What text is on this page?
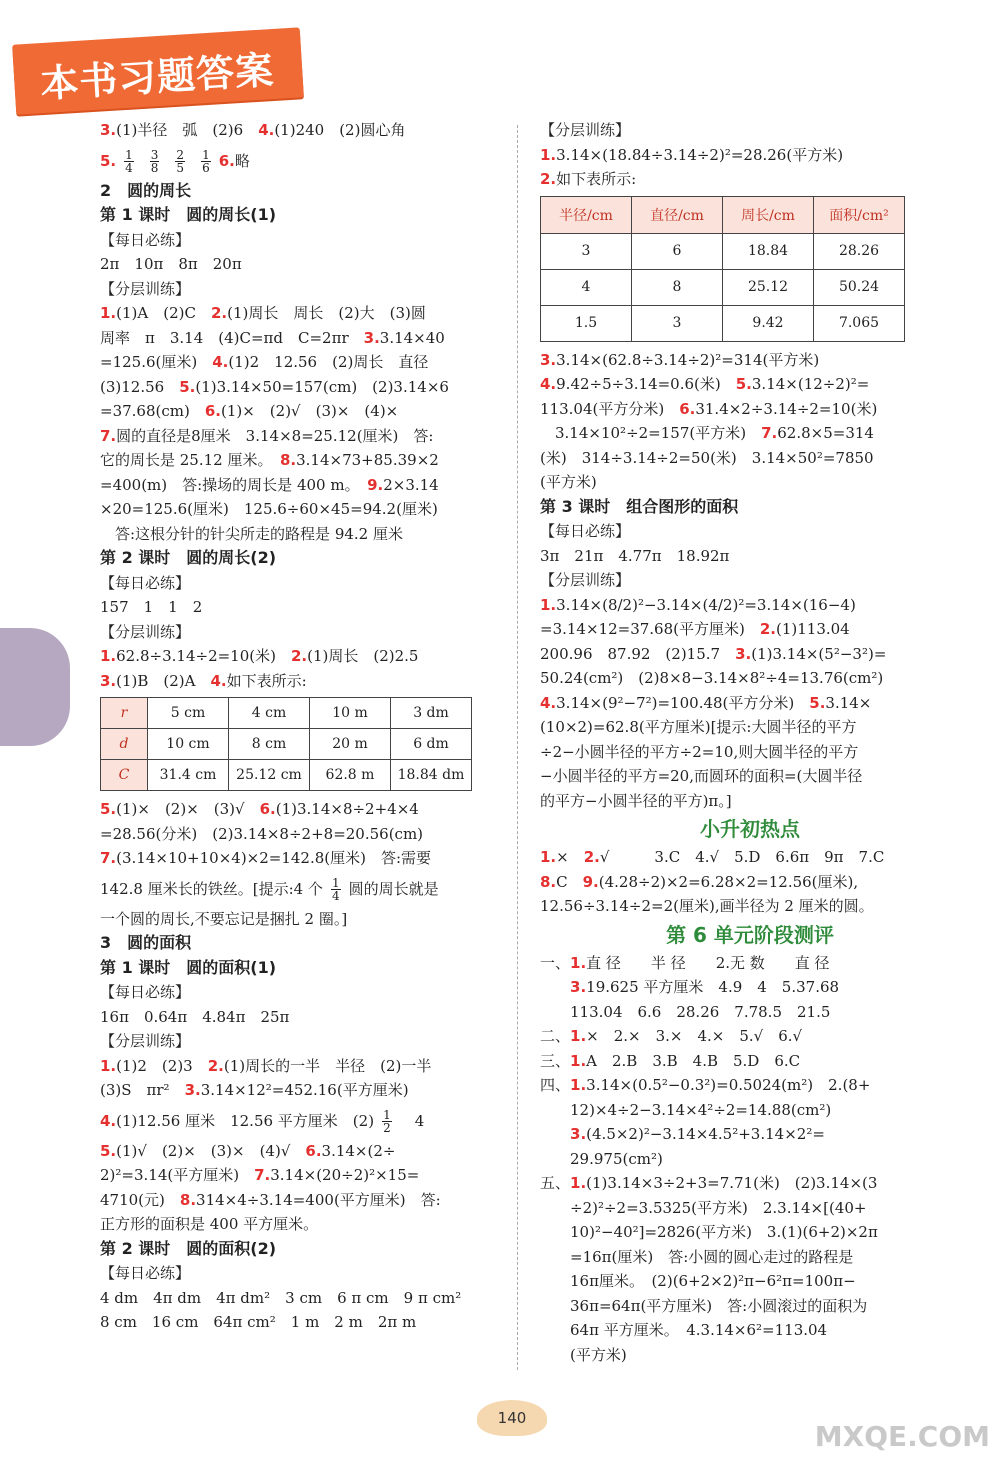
本书习题答案
3.(1)半径　弧　(2)6　4.(1)240　(2)圆心角
5. $\frac{1}{4} \frac{3}{8} \frac{2}{5} \frac{1}{6} 6$.略
2　圆的周长
第 1 课时　圆的周长(1)
【每日必练】
2π　10π　8π　20π
【分层训练】
1.(1)A　(2)C　2.(1)周长　周长　(2)大　(3)圆
周率　π　3.14　(4)C=πd　C=2πr　3.3.14×40
=125.6(厘米)　4.(1)2　12.56　(2)周长　直径
(3)12.56　5.(1)3.14×50=157(cm)　(2)3.14×6
=37.68(cm)　6.(1)×　(2)√　(3)×　(4)×
7.圆的直径是8厘米　3.14×8=25.12(厘米)　答:
它的周长是 25.12 厘米。　8.3.14×73+85.39×2
=400(m)　答:操场的周长是 400 m。　9.2×3.14
×20=125.6(厘米)　125.6÷60×45=94.2(厘米)
　答:这根分针的针尖所走的路程是 94.2 厘米
第 2 课时　圆的周长(2)
【每日必练】
157　1　1　2
【分层训练】
1.62.8÷3.14÷2=10(米)　2.(1)周长　(2)2.5
3.(1)B　(2)A　4.如下表所示:
r	5 cm	4 cm	10 m	3 dm
d	10 cm	8 cm	20 m	6 dm
C	31.4 cm	25.12 cm	62.8 m	18.84 dm
5.(1)×　(2)×　(3)√　6.(1)3.14×8÷2+4×4
=28.56(分米)　(2)3.14×8÷2+8=20.56(cm)
7.(3.14×10+10×4)×2=142.8(厘米)　答:需要
142.8 厘米长的铁丝。[提示:4 个 $\frac{1}{4}$ 圆的周长就是
一个圆的周长,不要忘记是捆扎 2 圈。]
3　圆的面积
第 1 课时　圆的面积(1)
【每日必练】
16π　0.64π　4.84π　25π
【分层训练】
1.(1)2　(2)3　2.(1)周长的一半　半径　(2)一半
(3)S　πr²　3.3.14×12²=452.16(平方厘米)
4.(1)12.56 厘米　12.56 平方厘米　$(2) \frac{1}{2}$ 　4
5.(1)√　(2)×　(3)×　(4)√　6.3.14×(2÷
2)²=3.14(平方厘米)　7.3.14×(20÷2)²×15=
4710(元)　8.314×4÷3.14=400(平方厘米)　答:
正方形的面积是 400 平方厘米。
第 2 课时　圆的面积(2)
【每日必练】
4 dm　4π dm　4π dm²　3 cm　6 π cm　9 π cm²
8 cm　16 cm　64π cm²　1 m　2 m　2π m
【分层训练】
1.3.14×(18.84÷3.14÷2)²=28.26(平方米)
2.如下表所示:
半径/cm	直径/cm	周长/cm	面积/cm²
3	6	18.84	28.26
4	8	25.12	50.24
1.5	3	9.42	7.065
3.3.14×(62.8÷3.14÷2)²=314(平方米)
4.9.42÷5÷3.14=0.6(米)　5.3.14×(12÷2)²=
113.04(平方分米)　6.31.4×2÷3.14÷2=10(米)
　3.14×10²÷2=157(平方米)　7.62.8×5=314
(米)　314÷3.14÷2=50(米)　3.14×50²=7850
(平方米)
第 3 课时　组合图形的面积
【每日必练】
3π　21π　4.77π　18.92π
【分层训练】
1.3.14×(8/2)²−3.14×(4/2)²=3.14×(16−4)
=3.14×12=37.68(平方厘米)　2.(1)113.04
200.96　87.92　(2)15.7　3.(1)3.14×(5²−3²)=
50.24(cm²)　(2)8×8−3.14×8²÷4=13.76(cm²)
4.3.14×(9²−7²)=100.48(平方分米)　5.3.14×
(10×2)=62.8(平方厘米)[提示:大圆半径的平方
÷2−小圆半径的平方÷2=10,则大圆半径的平方
−小圆半径的平方=20,而圆环的面积=(大圆半径
的平方−小圆半径的平方)π。]
小升初热点
1.×　2.√　　　3.C　4.√　5.D　6.6π　9π　7.C
8.C　9.(4.28÷2)×2=6.28×2=12.56(厘米),
12.56÷3.14÷2=2(厘米),画半径为 2 厘米的圆。
第 6 单元阶段测评
一、1.直 径　　半 径　　2.无 数　　直 径
　　3.19.625 平方厘米　4.9　4　5.37.68
　　113.04　6.6　28.26　7.78.5　21.5
二、1.×　2.×　3.×　4.×　5.√　6.√
三、1.A　2.B　3.B　4.B　5.D　6.C
四、1.3.14×(0.5²−0.3²)=0.5024(m²)　2.(8+
　　12)×4÷2−3.14×4²÷2=14.88(cm²)
　　3.(4.5×2)²−3.14×4.5²+3.14×2²=
　　29.975(cm²)
五、1.(1)3.14×3÷2+3=7.71(米)　(2)3.14×(3
　　÷2)²÷2=3.5325(平方米)　2.3.14×[(40+
　　10)²−40²]=2826(平方米)　3.(1)(6+2)×2π
　　=16π(厘米)　答:小圆的圆心走过的路程是
　　16π厘米。　(2)(6+2×2)²π−6²π=100π−
　　36π=64π(平方厘米)　答:小圆滚过的面积为
　　64π 平方厘米。　4.3.14×6²=113.04
　　(平方米)
140
MXQE.COM
